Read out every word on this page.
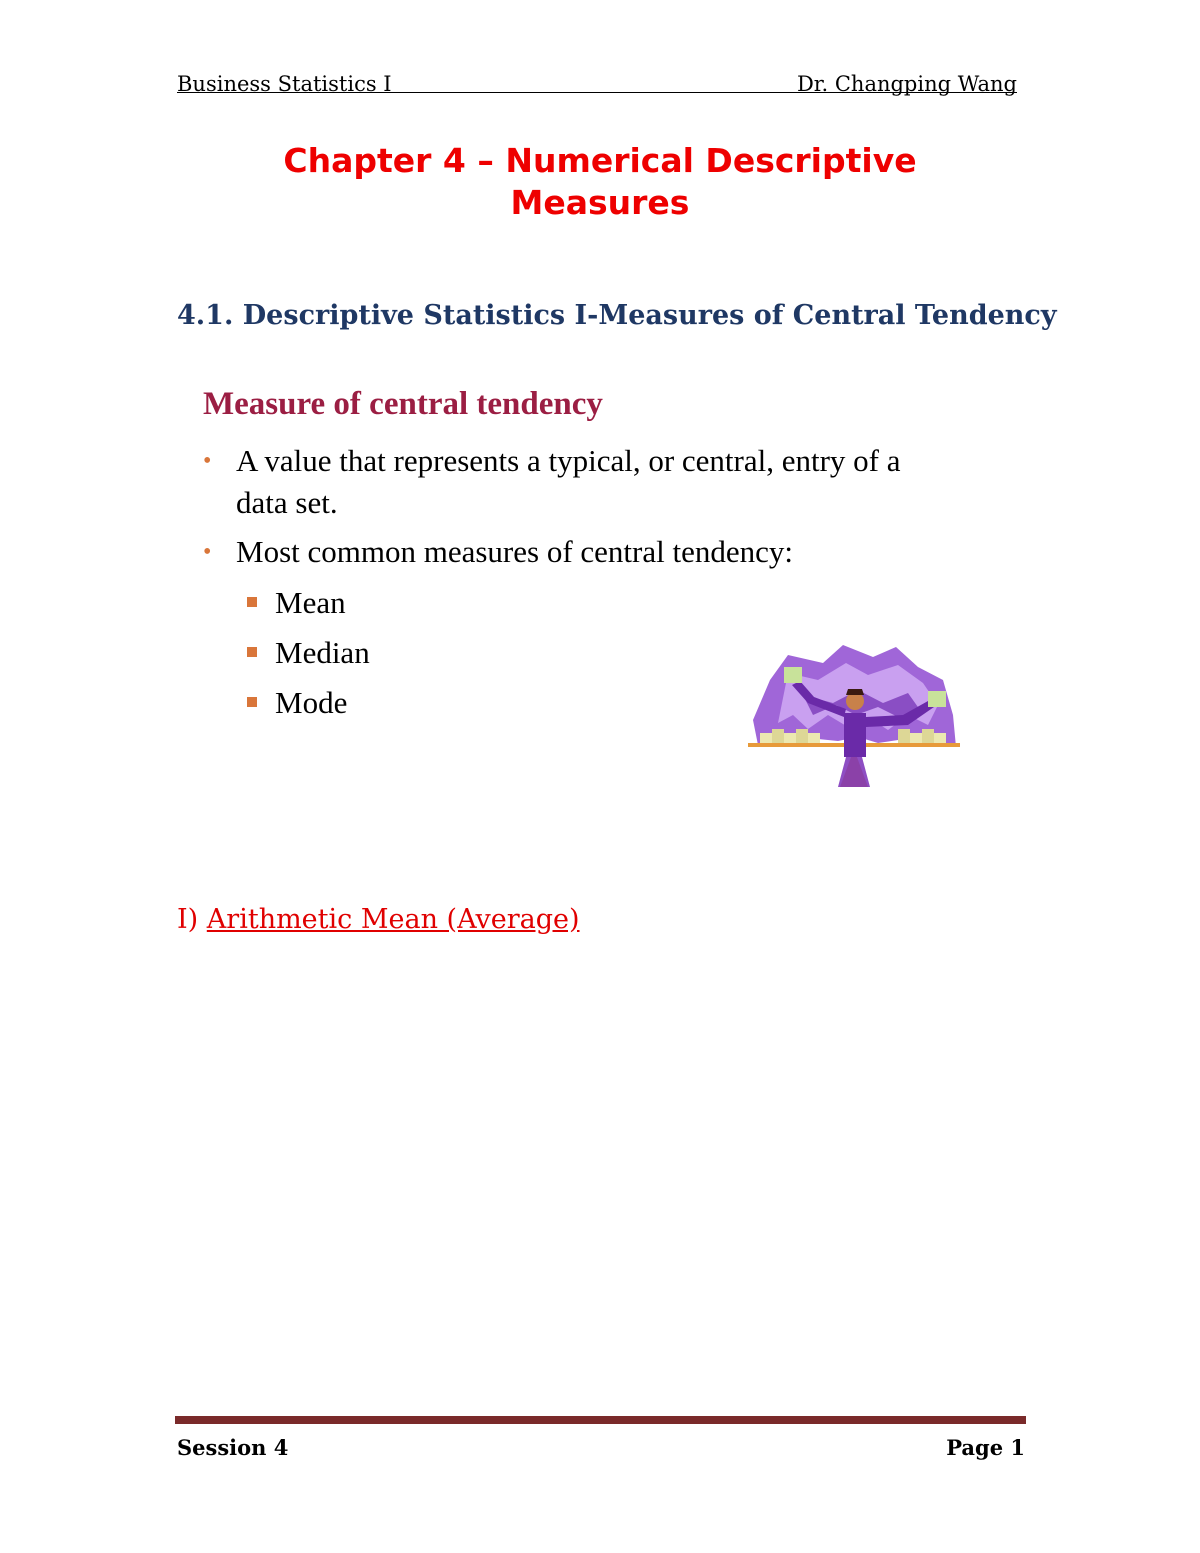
Business Statistics I	Dr. Changping Wang
Chapter 4 – Numerical Descriptive
Measures
4.1. Descriptive Statistics I-Measures of Central Tendency
Measure of central tendency
• A value that represents a typical, or central, entry of a
data set.
• Most common measures of central tendency:
Mean
Median
Mode
I) Arithmetic Mean (Average)
Session 4	Page 1
